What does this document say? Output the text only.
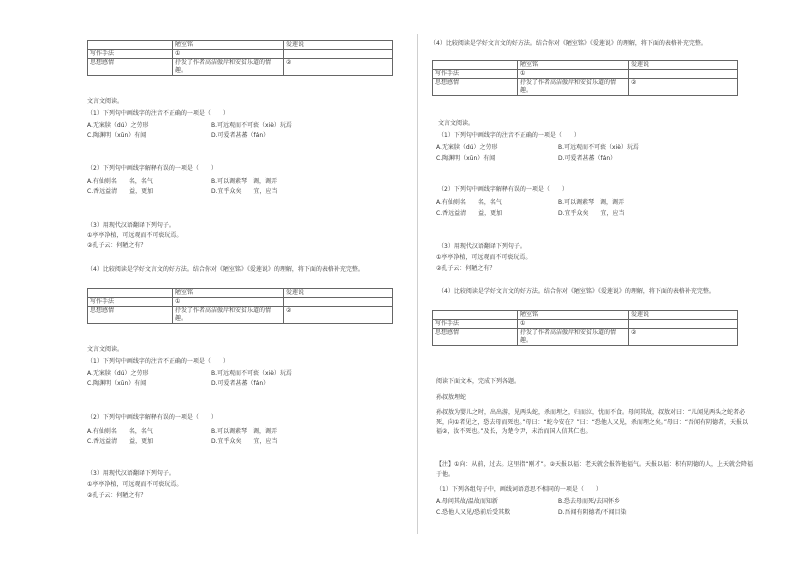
	陋室铭	爱莲说
写作手法	①	
思想感情	抒发了作者高洁傲岸和安贫乐道的情趣。	②
文言文阅读。
（1）下列句中画线字的注音不正确的一项是（　　）
A.无案牍（dú）之劳形	B.可远观而不可亵（xiè）玩焉
C.陶渊明（xūn）有闻	D.可爱者甚蕃（fán）
（2）下列句中画线字解释有误的一项是（　　）
A.有仙则名　　名，名气	B.可以调素琴　调，调弄
C.香远益清　　益，更加	D.宜乎众矣　　宜，应当
（3）用现代汉语翻译下列句子。
①亭亭净植，可远观而不可亵玩焉。
②孔子云：何陋之有？
（4）比较阅读是学好文言文的好方法。结合你对《陋室铭》《爱莲说》的理解，将下面的表格补充完整。
	陋室铭	爱莲说
写作手法	①	
思想感情	抒发了作者高洁傲岸和安贫乐道的情趣。	②
文言文阅读。
（1）下列句中画线字的注音不正确的一项是（　　）
A.无案牍（dú）之劳形	B.可远观而不可亵（xiè）玩焉
C.陶渊明（xūn）有闻	D.可爱者甚蕃（fán）
（2）下列句中画线字解释有误的一项是（　　）
A.有仙则名　　名，名气	B.可以调素琴　调，调弄
C.香远益清　　益，更加	D.宜乎众矣　　宜，应当
（3）用现代汉语翻译下列句子。
①亭亭净植，可远观而不可亵玩焉。
②孔子云：何陋之有？
（4）比较阅读是学好文言文的好方法。结合你对《陋室铭》《爱莲说》的理解，将下面的表格补充完整。
	陋室铭	爱莲说
写作手法	①	
思想感情	抒发了作者高洁傲岸和安贫乐道的情趣。	②
文言文阅读。
（1）下列句中画线字的注音不正确的一项是（　　）
A.无案牍（dú）之劳形	B.可远观而不可亵（xiè）玩焉
C.陶渊明（xūn）有闻	D.可爱者甚蕃（fán）
（2）下列句中画线字解释有误的一项是（　　）
A.有仙则名　　名，名气	B.可以调素琴　调，调弄
C.香远益清　　益，更加	D.宜乎众矣　　宜，应当
（3）用现代汉语翻译下列句子。
①亭亭净植，可远观而不可亵玩焉。
②孔子云：何陋之有？
（4）比较阅读是学好文言文的好方法。结合你对《陋室铭》《爱莲说》的理解，将下面的表格补充完整。
	陋室铭	爱莲说
写作手法	①	
思想感情	抒发了作者高洁傲岸和安贫乐道的情趣。	②
阅读下面文本，完成下列各题。
孙叔敖埋蛇
孙叔敖为婴儿之时，出出游，见两头蛇，杀而埋之，归而泣，忧而不食。母问其故，叔敖对曰：“儿闻见两头之蛇者必死，向①者见之，恐去母而死也。”母曰：“蛇今安在？”曰：“恐他人又见，杀而埋之矣。”母曰：“吾闻有阴德者，天报以福②，汝不死也。”及长，为楚令尹，未治而国人信其仁也。
【注】①向：从前，过去。这里指“刚才”。②天报以福：老天就会报答他福气。天报以福：积有阴德的人，上天就会降福于他。
（1）下列各组句子中，画线词语意思不相同的一项是（　　）
A.母问其故/温故而知新	B.恐去母而死/去国怀乡
C.恐他人又见/恐前后受其欺	D.吾闻有阴德者/不闻目染
